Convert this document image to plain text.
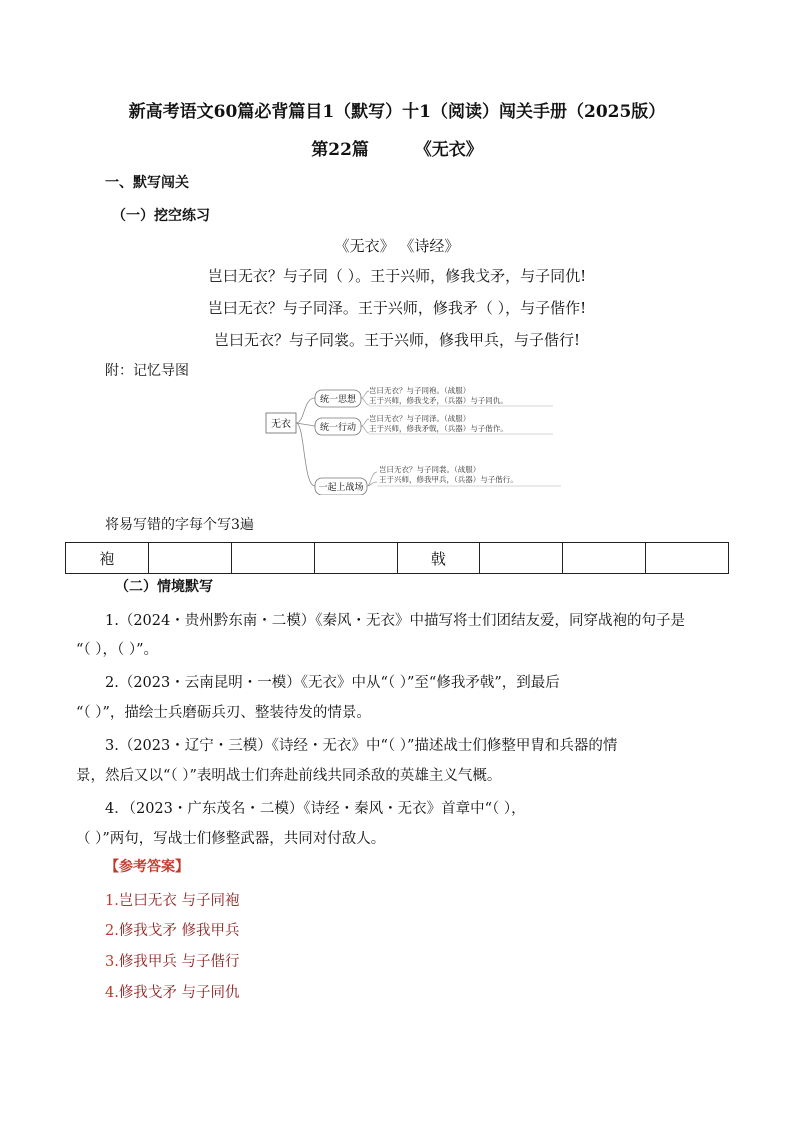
新高考语文60篇必背篇目1（默写）十1（阅读）闯关手册（2025版）
第22篇	《无衣》
一、默写闯关
（一）挖空练习
《无衣》 《诗经》
岂曰无衣？与子同（ ）。王于兴师，修我戈矛，与子同仇!
岂曰无衣？与子同泽。王于兴师，修我矛（ ），与子偕作!
岂曰无衣？与子同裳。王于兴师，修我甲兵，与子偕行!
附：记忆导图
无衣
统一思想
岂曰无衣？与子同袍。（战服）
王于兴师，修我戈矛，（兵器）与子同仇。
统一行动
岂曰无衣？与子同泽。（战服）
王于兴师，修我矛戟，（兵器）与子偕作。
一起上战场
岂曰无衣？与子同裳。（战服）
王于兴师，修我甲兵，（兵器）与子偕行。
将易写错的字每个写3遍
袍				戟			
（二）情境默写
1.（2024・贵州黔东南・二模）《秦风・无衣》中描写将士们团结友爱，同穿战袍的句子是
“（ ），（ ）”。
2.（2023・云南昆明・一模）《无衣》中从“（ ）”至“修我矛戟”，到最后
“（ ）”，描绘士兵磨砺兵刃、整装待发的情景。
3.（2023・辽宁・三模）《诗经・无衣》中“（ ）”描述战士们修整甲胄和兵器的情
景，然后又以“（ ）”表明战士们奔赴前线共同杀敌的英雄主义气概。
4．（2023・广东茂名・二模）《诗经・秦风・无衣》首章中“（ ），
（ ）”两句，写战士们修整武器，共同对付敌人。
【参考答案】
1.岂曰无衣 与子同袍
2.修我戈矛 修我甲兵
3.修我甲兵 与子偕行
4.修我戈矛 与子同仇
